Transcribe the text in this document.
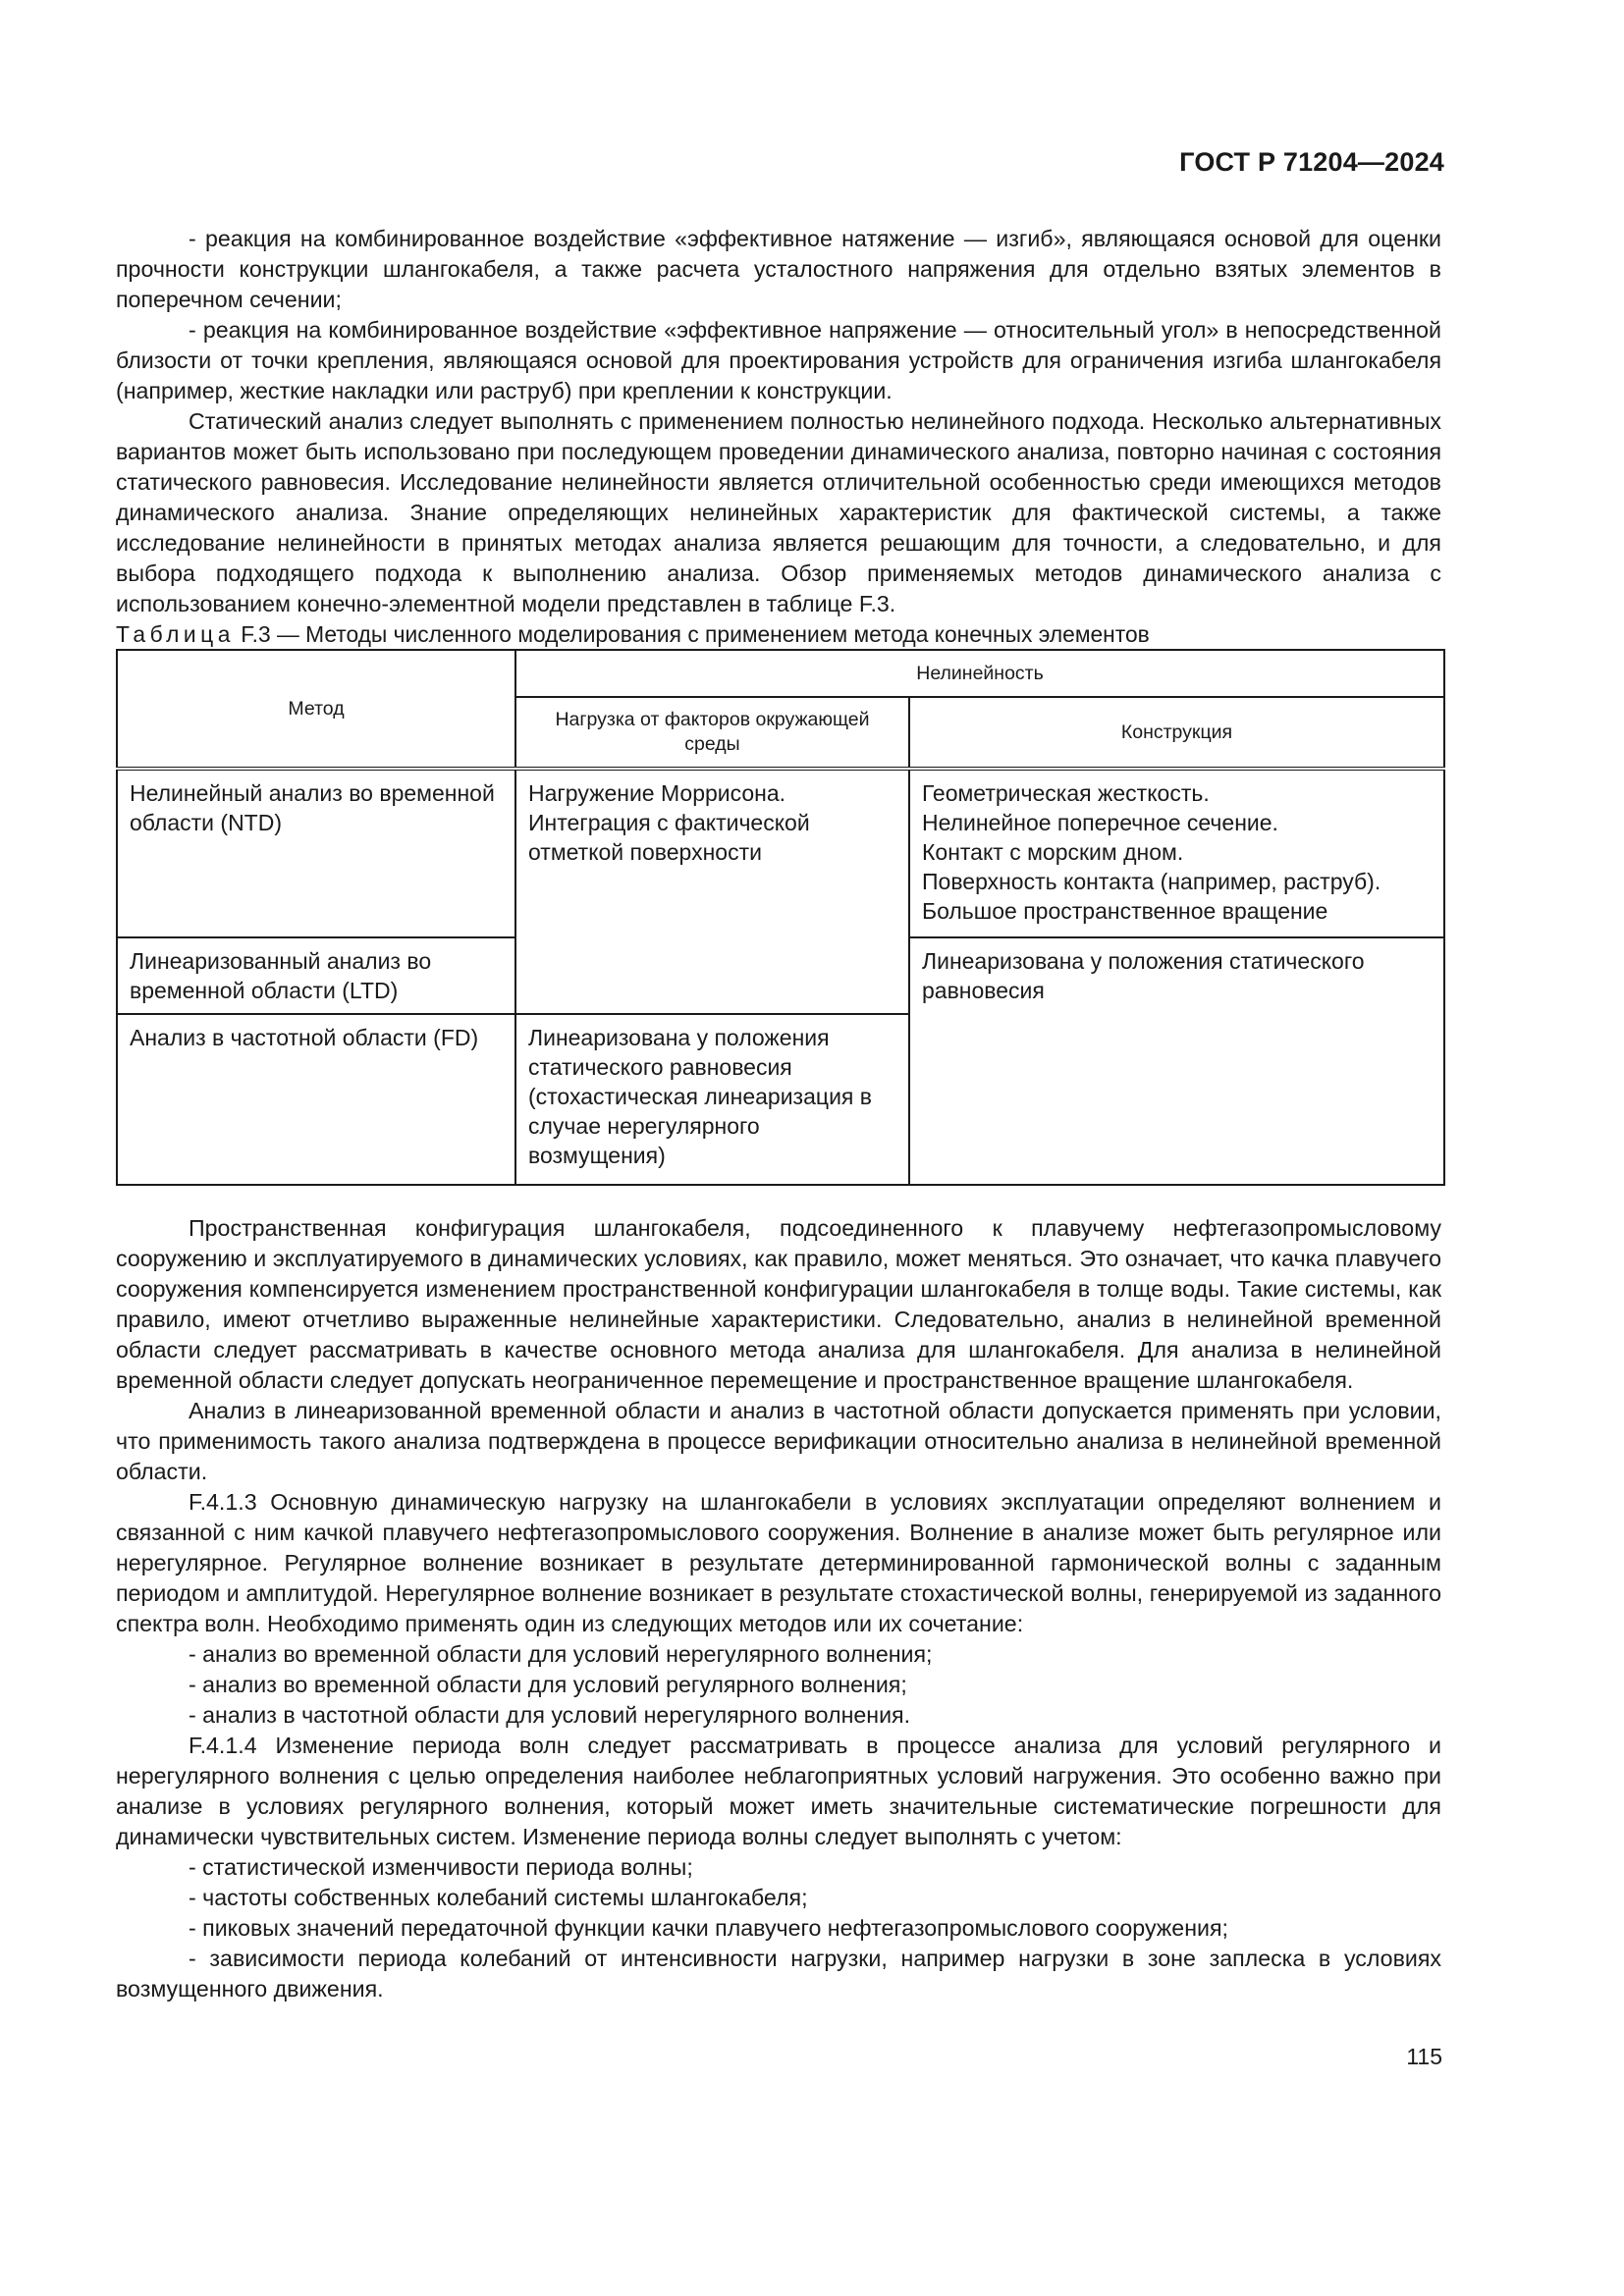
ГОСТ Р 71204—2024

- реакция на комбинированное воздействие «эффективное натяжение — изгиб», являющаяся основой для оценки прочности конструкции шлангокабеля, а также расчета усталостного напряжения для отдельно взятых элементов в поперечном сечении;

- реакция на комбинированное воздействие «эффективное напряжение — относительный угол» в непосредственной близости от точки крепления, являющаяся основой для проектирования устройств для ограничения изгиба шлангокабеля (например, жесткие накладки или раструб) при креплении к конструкции.

Статический анализ следует выполнять с применением полностью нелинейного подхода. Несколько альтернативных вариантов может быть использовано при последующем проведении динамического анализа, повторно начиная с состояния статического равновесия. Исследование нелинейности является отличительной особенностью среди имеющихся методов динамического анализа. Знание определяющих нелинейных характеристик для фактической системы, а также исследование нелинейности в принятых методах анализа является решающим для точности, а следовательно, и для выбора подходящего подхода к выполнению анализа. Обзор применяемых методов динамического анализа с использованием конечно-элементной модели представлен в таблице F.3.

Таблица F.3 — Методы численного моделирования с применением метода конечных элементов

Метод	Нелинейность	
	Нагрузка от факторов окружающей среды	Конструкция
Нелинейный анализ во временной области (NTD)	Нагружение Моррисона. Интеграция с фактической отметкой поверхности	Геометрическая жесткость.
Нелинейное поперечное сечение.
Контакт с морским дном.
Поверхность контакта (например, раструб).
Большое пространственное вращение

Линеаризованный анализ во временной области (LTD)		Линеаризована у положения статического равновесия
Анализ в частотной области (FD)	Линеаризована у положения статического равновесия (стохастическая линеаризация в случае нерегулярного возмущения)	

Пространственная конфигурация шлангокабеля, подсоединенного к плавучему нефтегазопромысловому сооружению и эксплуатируемого в динамических условиях, как правило, может меняться. Это означает, что качка плавучего сооружения компенсируется изменением пространственной конфигурации шлангокабеля в толще воды. Такие системы, как правило, имеют отчетливо выраженные нелинейные характеристики. Следовательно, анализ в нелинейной временной области следует рассматривать в качестве основного метода анализа для шлангокабеля. Для анализа в нелинейной временной области следует допускать неограниченное перемещение и пространственное вращение шлангокабеля.

Анализ в линеаризованной временной области и анализ в частотной области допускается применять при условии, что применимость такого анализа подтверждена в процессе верификации относительно анализа в нелинейной временной области.

F.4.1.3 Основную динамическую нагрузку на шлангокабели в условиях эксплуатации определяют волнением и связанной с ним качкой плавучего нефтегазопромыслового сооружения. Волнение в анализе может быть регулярное или нерегулярное. Регулярное волнение возникает в результате детерминированной гармонической волны с заданным периодом и амплитудой. Нерегулярное волнение возникает в результате стохастической волны, генерируемой из заданного спектра волн. Необходимо применять один из следующих методов или их сочетание:

- анализ во временной области для условий нерегулярного волнения;

- анализ во временной области для условий регулярного волнения;

- анализ в частотной области для условий нерегулярного волнения.

F.4.1.4 Изменение периода волн следует рассматривать в процессе анализа для условий регулярного и нерегулярного волнения с целью определения наиболее неблагоприятных условий нагружения. Это особенно важно при анализе в условиях регулярного волнения, который может иметь значительные систематические погрешности для динамически чувствительных систем. Изменение периода волны следует выполнять с учетом:

- статистической изменчивости периода волны;

- частоты собственных колебаний системы шлангокабеля;

- пиковых значений передаточной функции качки плавучего нефтегазопромыслового сооружения;

- зависимости периода колебаний от интенсивности нагрузки, например нагрузки в зоне заплеска в условиях возмущенного движения.

115
